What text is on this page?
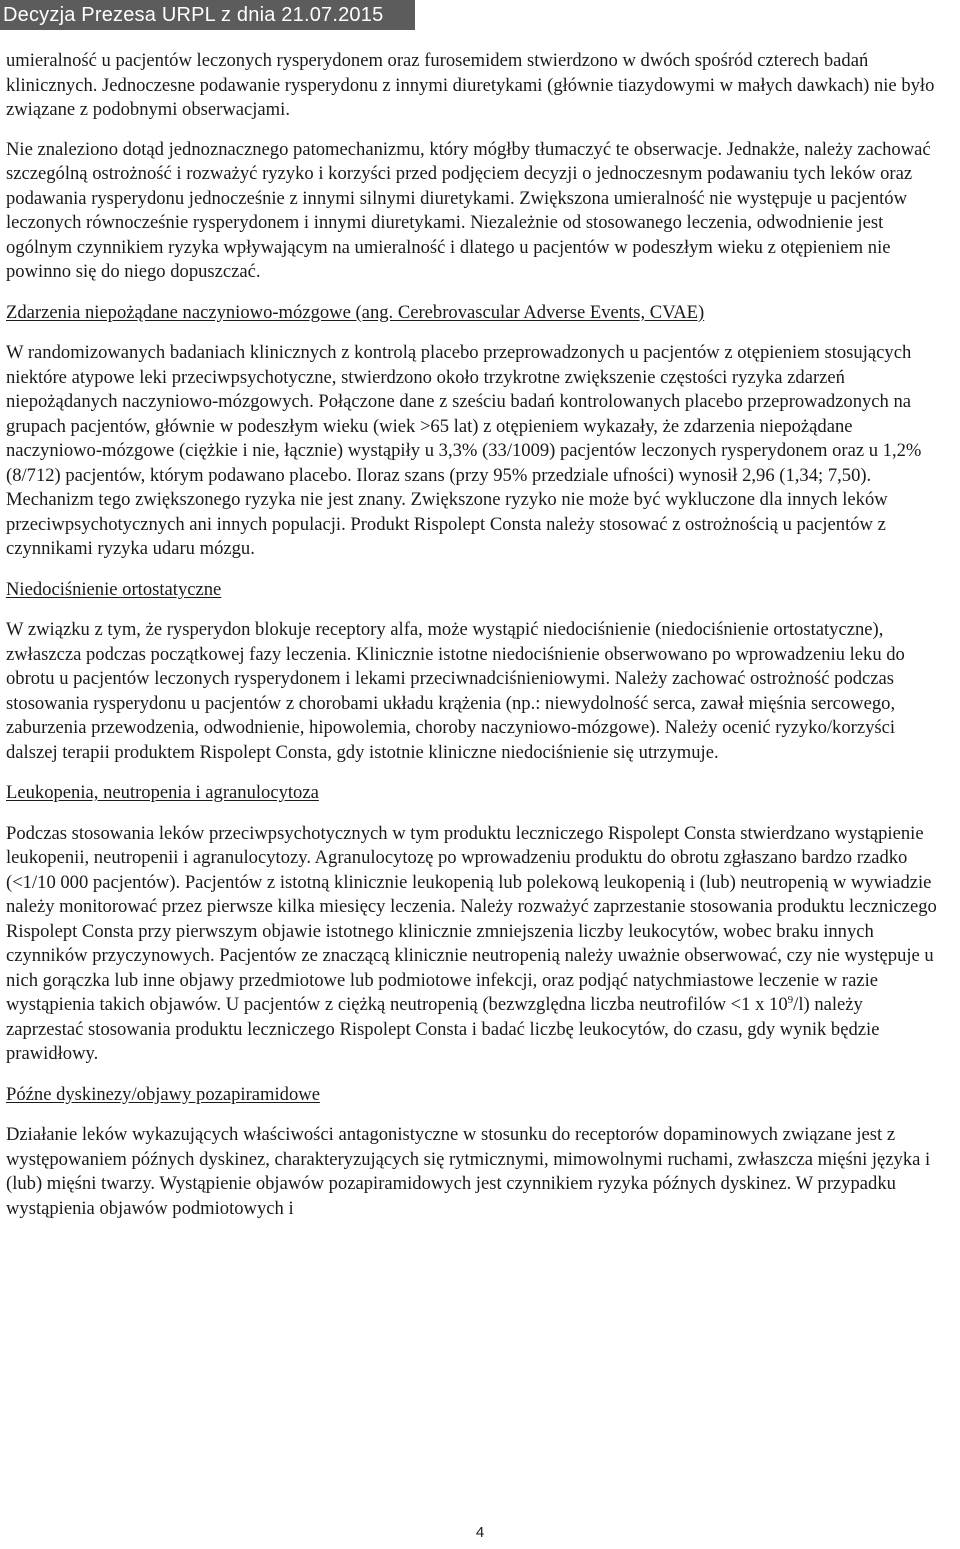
Decyzja Prezesa URPL z dnia 21.07.2015

umieralność u pacjentów leczonych rysperydonem oraz furosemidem stwierdzono w dwóch spośród czterech badań klinicznych. Jednoczesne podawanie rysperydonu z innymi diuretykami (głównie tiazydowymi w małych dawkach) nie było związane z podobnymi obserwacjami.

Nie znaleziono dotąd jednoznacznego patomechanizmu, który mógłby tłumaczyć te obserwacje. Jednakże, należy zachować szczególną ostrożność i rozważyć ryzyko i korzyści przed podjęciem decyzji o jednoczesnym podawaniu tych leków oraz podawania rysperydonu jednocześnie z innymi silnymi diuretykami. Zwiększona umieralność nie występuje u pacjentów leczonych równocześnie rysperydonem i innymi diuretykami. Niezależnie od stosowanego leczenia, odwodnienie jest ogólnym czynnikiem ryzyka wpływającym na umieralność i dlatego u pacjentów w podeszłym wieku z otępieniem nie powinno się do niego dopuszczać.

Zdarzenia niepożądane naczyniowo-mózgowe (ang. Cerebrovascular Adverse Events, CVAE)

W randomizowanych badaniach klinicznych z kontrolą placebo przeprowadzonych u pacjentów z otępieniem stosujących niektóre atypowe leki przeciwpsychotyczne, stwierdzono około trzykrotne zwiększenie częstości ryzyka zdarzeń niepożądanych naczyniowo-mózgowych. Połączone dane z sześciu badań kontrolowanych placebo przeprowadzonych na grupach pacjentów, głównie w podeszłym wieku (wiek >65 lat) z otępieniem wykazały, że zdarzenia niepożądane naczyniowo-mózgowe (ciężkie i nie, łącznie) wystąpiły u 3,3% (33/1009) pacjentów leczonych rysperydonem oraz u 1,2% (8/712) pacjentów, którym podawano placebo. Iloraz szans (przy 95% przedziale ufności) wynosił 2,96 (1,34; 7,50). Mechanizm tego zwiększonego ryzyka nie jest znany. Zwiększone ryzyko nie może być wykluczone dla innych leków przeciwpsychotycznych ani innych populacji. Produkt Rispolept Consta należy stosować z ostrożnością u pacjentów z czynnikami ryzyka udaru mózgu.

Niedociśnienie ortostatyczne

W związku z tym, że rysperydon blokuje receptory alfa, może wystąpić niedociśnienie (niedociśnienie ortostatyczne), zwłaszcza podczas początkowej fazy leczenia. Klinicznie istotne niedociśnienie obserwowano po wprowadzeniu leku do obrotu u pacjentów leczonych rysperydonem i lekami przeciwnadciśnieniowymi. Należy zachować ostrożność podczas stosowania rysperydonu u pacjentów z chorobami układu krążenia (np.: niewydolność serca, zawał mięśnia sercowego, zaburzenia przewodzenia, odwodnienie, hipowolemia, choroby naczyniowo-mózgowe). Należy ocenić ryzyko/korzyści dalszej terapii produktem Rispolept Consta, gdy istotnie kliniczne niedociśnienie się utrzymuje.

Leukopenia, neutropenia i agranulocytoza

Podczas stosowania leków przeciwpsychotycznych w tym produktu leczniczego Rispolept Consta stwierdzano wystąpienie leukopenii, neutropenii i agranulocytozy. Agranulocytozę po wprowadzeniu produktu do obrotu zgłaszano bardzo rzadko (<1/10 000 pacjentów). Pacjentów z istotną klinicznie leukopenią lub polekową leukopenią i (lub) neutropenią w wywiadzie należy monitorować przez pierwsze kilka miesięcy leczenia. Należy rozważyć zaprzestanie stosowania produktu leczniczego Rispolept Consta przy pierwszym objawie istotnego klinicznie zmniejszenia liczby leukocytów, wobec braku innych czynników przyczynowych. Pacjentów ze znaczącą klinicznie neutropenią należy uważnie obserwować, czy nie występuje u nich gorączka lub inne objawy przedmiotowe lub podmiotowe infekcji, oraz podjąć natychmiastowe leczenie w razie wystąpienia takich objawów. U pacjentów z ciężką neutropenią (bezwzględna liczba neutrofilów <1 x $10^9/l$) należy zaprzestać stosowania produktu leczniczego Rispolept Consta i badać liczbę leukocytów, do czasu, gdy wynik będzie prawidłowy.

Późne dyskinezy/objawy pozapiramidowe

Działanie leków wykazujących właściwości antagonistyczne w stosunku do receptorów dopaminowych związane jest z występowaniem późnych dyskinez, charakteryzujących się rytmicznymi, mimowolnymi ruchami, zwłaszcza mięśni języka i (lub) mięśni twarzy. Wystąpienie objawów pozapiramidowych jest czynnikiem ryzyka późnych dyskinez. W przypadku wystąpienia objawów podmiotowych i

4
